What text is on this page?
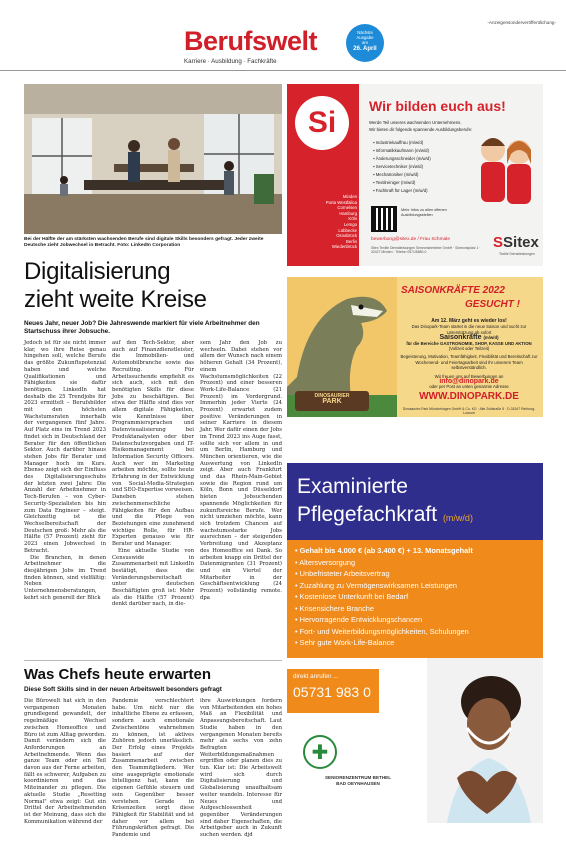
-Anzeigensonderveröffentlichung-
Berufswelt
Karriere · Ausbildung · Fachkräfte
Nächste
Ausgabe
am
26. April
Bei der Hälfte der am stärksten wachsenden Berufe sind digitale Skills besonders gefragt. Jeder zweite Deutsche zieht Jobwechsel in Betracht. Foto: LinkedIn Corporation
Digitalisierung
zieht weite Kreise
Neues Jahr, neuer Job? Die Jahreswende markiert für viele Arbeitnehmer den Startschuss ihrer Jobsuche.
Jedoch ist für sie nicht immer klar, wo ihre Reise genau hingehen soll, welche Berufe das größte Zukunftspotenzial haben und welche Qualifikationen und Fähigkeiten sie dafür benötigen. LinkedIn hat deshalb die 25 Trendjobs für 2023 ermittelt – Berufsbilder mit den höchsten Wachstumsraten innerhalb der vergangenen fünf Jahre. Auf Platz eins im Trend 2023 findet sich in Deutschland der Berater für den öffentlichen Sektor. Auch darüber hinaus stehen Jobs für Berater und Manager hoch im Kurs. Ebenso zeigt sich der Einfluss des Digitalisierungsschubs der letzten zwei Jahre: Die Anzahl der Arbeitnehmer in Tech-Berufen – von Cyber-Security-Spezialisten bis hin zum Data Engineer – steigt. Gleichzeitig ist die Wechselbereitschaft der Deutschen groß: Mehr als die Hälfte (57 Prozent) zieht für 2023 einen Jobwechsel in Betracht.
Die Branchen, in denen Arbeitnehmer die diesjährigen Jobs im Trend finden können, sind vielfältig: Neben Unternehmensberatungen, kehrt sich generell der Blick
auf den Tech-Sektor, aber auch auf Finanzdienstleister, die Immobilien- und Automobilbranche sowie das Recruiting. Für Arbeitssuchende empfiehlt es sich auch, sich mit den benötigten Skills für diese Jobs zu beschäftigen. Bei etwa der Hälfte sind dies vor allem digitale Fähigkeiten, wie Kenntnisse über Programmiersprachen und Datenvisualisierung bei Produktanalysten oder über Datenschutzvorgaben und IT-Risikomanagement bei Information Security Officers. Auch wer im Marketing arbeiten möchte, sollte heute Erfahrung in der Entwicklung von Social-Media-Strategien und SEO-Expertise vorweisen. Daneben stehen zwischenmenschliche Fähigkeiten für den Aufbau und die Pflege von Beziehungen eine zunehmend wichtige Rolle, für HR-Experten genauso wie für Berater und Manager.
Eine aktuelle Studie von Censuswide in Zusammenarbeit mit LinkedIn bestätigt, dass die Veränderungsbereitschaft unter deutschen Beschäftigten groß ist: Mehr als die Hälfte (57 Prozent) denkt darüber nach, in die-
sem Jahr den Job zu wechseln. Dabei stehen vor allem der Wunsch nach einem höheren Gehalt (34 Prozent), einem Wachstumsmöglichkeiten (22 Prozent) und einer besseren Work-Life-Balance (21 Prozent) im Vordergrund. Immerhin jeder Vierte (24 Prozent) erwartet zudem positive Veränderungen in seiner Karriere in diesem Jahr. Wer dafür einen der Jobs im Trend 2023 ins Auge fasst, sollte sich vor allem in und um Berlin, Hamburg und München orientieren, wie die Auswertung von LinkedIn zeigt. Aber auch Frankfurt und das Rhein-Main-Gebiet sowie die Region rund um Köln, Bonn und Düsseldorf bieten Jobsuchenden spannende Möglichkeiten für zukunftsreiche Berufe. Wer nicht umziehen möchte, kann sich trotzdem Chancen auf wachstumsstarke Jobs ausrechnen – der steigenden Verbreitung und Akzeptanz des Homeoffice sei Dank. So arbeiten knapp ein Drittel der Datenmigranten (31 Prozent) und ein Viertel der Mitarbeiter in der Geschäftsentwicklung (24 Prozent) vollständig remote. dpa
Was Chefs heute erwarten
Diese Soft Skills sind in der neuen Arbeitswelt besonders gefragt
Die Bürowelt hat sich in den vergangenen Monaten grundlegend gewandelt, der regelmäßige Wechsel zwischen Homeoffice und Büro ist zum Alltag geworden. Damit verändern sich die Anforderungen an Arbeitnehmende. Wenn das ganze Team oder ein Teil davon aus der Ferne arbeiten, fällt es schwerer, Aufgaben zu koordinieren und das Miteinander zu pflegen. Die aktuelle Studie „Resetting Normal" etwa zeigt: Gut ein Drittel der Arbeitnehmenden ist der Meinung, dass sich die Kommunikation während der
Pandemie verschlechtert habe. Um nicht nur die inhaltliche Ebene zu erfassen, sondern auch emotionale Zwischentöne wahrnehmen zu können, ist aktives Zuhören jedoch unerlässlich. Der Erfolg eines Projekts basiert auf der Zusammenarbeit zwischen den Teammitgliedern. Wer eine ausgeprägte emotionale Intelligenz hat, kann die eigenen Gefühle steuern und sein Gegenüber besser verstehen. Gerade in Krisenzeiten sorgt diese Fähigkeit für Stabilität und ist daher vor allem bei Führungskräften gefragt. Die Pandemie und
ihre Auswirkungen fordern von Mitarbeitenden ein hohes Maß an Flexibilität und Anpassungsbereitschaft. Laut Studie haben in den vergangenen Monaten bereits mehr als sechs von zehn Befragten Weiterbildungsmaßnahmen ergriffen oder planen dies zu tun. Klar ist: Die Arbeitswelt wird sich durch Digitalisierung und Globalisierung unaufhaltsam weiter wandeln. Interesse für Neues und Aufgeschlossenheit gegenüber Veränderungen sind daher Eigenschaften, die Arbeitgeber auch in Zukunft suchen werden. djd
Si
Minden
Porta Westfalica
Cornelsen
Hamburg
Köln
Lemgo
Lübbecke
Osnabrück
Berlin
Wiedenbrück
Wir bilden euch aus!
Werde Teil unseres wachsenden Unternehmens.
Wir bieten dir folgende spannende Ausbildungsberufe:
▪ Industriekauffrau (m/w/d)
▪ Informatikkaufmann (m/w/d)
▪ Änderungsschneider (m/w/d)
▪ Servicetechniker (m/w/d)
▪ Mechatroniker (m/w/d)
▪ Textilreiniger (m/w/d)
▪ Fachkraft für Lager (m/w/d)
Mehr Infos zu allen offenen Ausbildungsstellen
bewerbung@sitex.de / Frau Schmale
Sitex Textile Dienstleistungen Simeonsbetriebe GmbH · Simeonsplatz 1 · 32427 Minden · Telefon 0571/8880-0
SSitex
Textile Dienstleistungen
DINOSAURIER
PARK
SAISONKRÄFTE 2022
GESUCHT !
Am 12. März geht es wieder los!
Das Dinopark-Team startet in die neue Saison und sucht zur Unterstützung ab sofort
Saisonkräfte (m/w/d)
für die Bereiche GASTRONOMIE, SHOP, KASSE UND AKTION
(Vollzeit oder Teilzeit)
Begeisterung, Motivation, Teamfähigkeit, Flexibilität und Bereitschaft zur Wochenend- und Feiertagsarbeit sind Ihr unserem Team selbstverständlich.
Wir freuen uns auf Bewerbungen an
info@dinopark.de
oder per Post an unten genannte Adresse
WWW.DINOPARK.DE
Dinosaurier-Park Münchehagen GmbH & Co. KG · Alte Zollstraße 5 · D-31547 Rehburg-Loccum
Examinierte
Pflegefachkraft (m/w/d)
• Gehalt bis 4.000 € (ab 3.400 €) + 13. Monatsgehalt
• Altersversorgung
• Unbefristeter Arbeitsvertrag
• Zuzahlung zu Vermögenswirksamen Leistungen
• Kostenlose Unterkunft bei Bedarf
• Krisensichere Branche
• Hervorragende Entwicklungschancen
• Fort- und Weiterbildungsmöglichkeiten, Schulungen
• Sehr gute Work-Life-Balance
direkt anrufen ...
05731 983 0
✚
SENIORENZENTRUM BETHEL
BAD OEYNHAUSEN
